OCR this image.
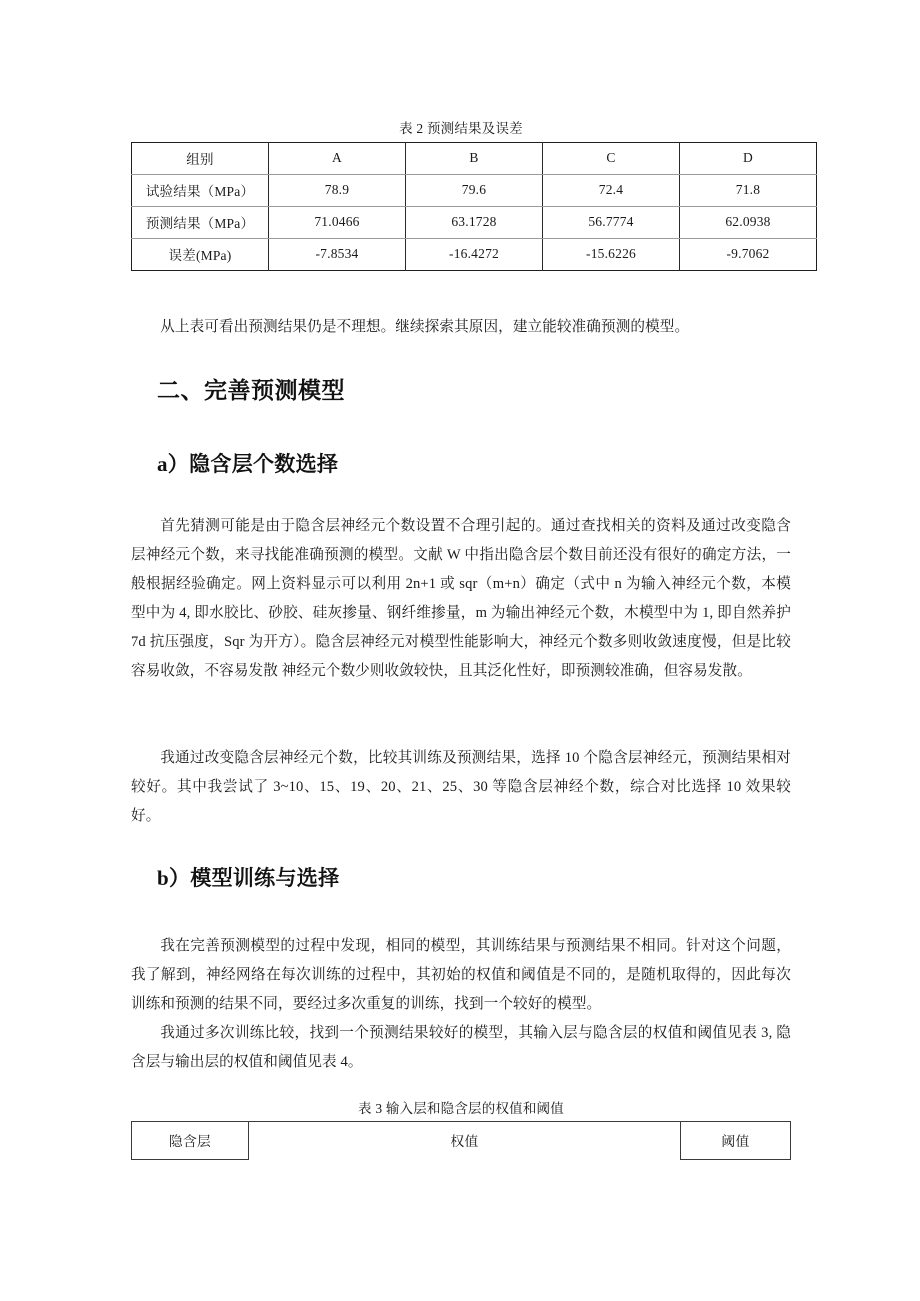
表 2 预测结果及误差
组别	A	B	C	D
试验结果（MPa）	78.9	79.6	72.4	71.8
预测结果（MPa）	71.0466	63.1728	56.7774	62.0938
误差(MPa)	-7.8534	-16.4272	-15.6226	-9.7062

从上表可看出预测结果仍是不理想。继续探索其原因，建立能较准确预测的模型。

二、完善预测模型
a）隐含层个数选择

首先猜测可能是由于隐含层神经元个数设置不合理引起的。通过查找相关的资料及通过改变隐含层神经元个数，来寻找能准确预测的模型。文献 W 中指出隐含层个数目前还没有很好的确定方法，一般根据经验确定。网上资料显示可以利用 2n+1 或 sqr（m+n）确定（式中 n 为输入神经元个数，本模型中为 4, 即水胶比、砂胶、硅灰掺量、钢纤维掺量，m 为输出神经元个数，木模型中为 1, 即自然养护 7d 抗压强度，Sqr 为开方）。隐含层神经元对模型性能影响大，神经元个数多则收敛速度慢，但是比较容易收敛，不容易发散 神经元个数少则收敛较快，且其泛化性好，即预测较准确，但容易发散。

我通过改变隐含层神经元个数，比较其训练及预测结果，选择 10 个隐含层神经元，预测结果相对较好。其中我尝试了 3~10、15、19、20、21、25、30 等隐含层神经个数，综合对比选择 10 效果较好。

b）模型训练与选择

我在完善预测模型的过程中发现，相同的模型，其训练结果与预测结果不相同。针对这个问题，我了解到，神经网络在每次训练的过程中，其初始的权值和阈值是不同的，是随机取得的，因此每次训练和预测的结果不同，要经过多次重复的训练，找到一个较好的模型。

我通过多次训练比较，找到一个预测结果较好的模型，其输入层与隐含层的权值和阈值见表 3, 隐含层与输出层的权值和阈值见表 4。

表 3 输入层和隐含层的权值和阈值
隐含层	权值	阈值
